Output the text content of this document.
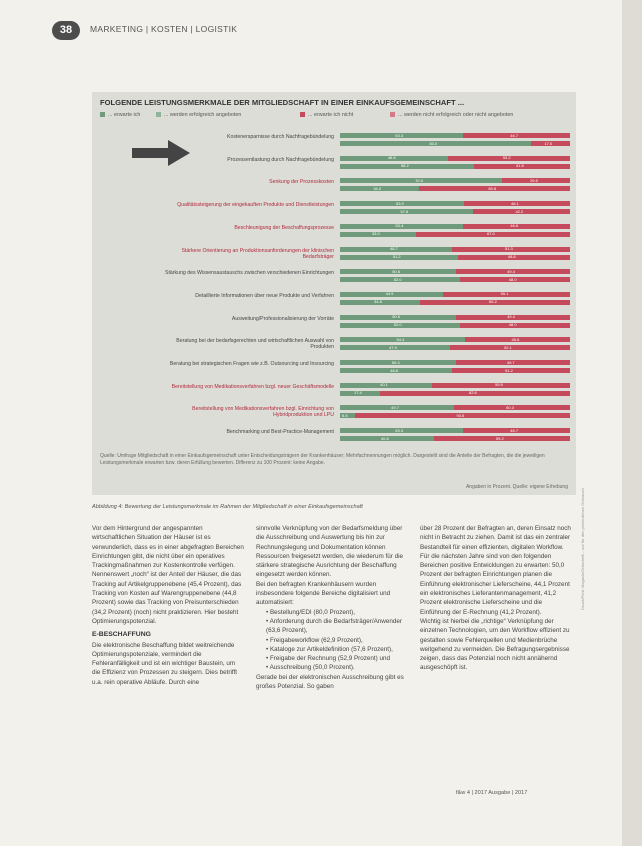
38	MARKETING | KOSTEN | LOGISTIK
FOLGENDE LEISTUNGSMERKMALE DER MITGLIEDSCHAFT IN EINER EINKAUFSGEMEINSCHAFT ...
... erwarte ich	... werden erfolgreich angeboten	... erwarte ich nicht	... werden nicht erfolgreich oder nicht angeboten
Kostenersparnisse durch Nachfragebündelung	53.3	46.7
83.0	17.0
Prozessentlastung durch Nachfragebündelung	46.8	53.2
58.2	41.8
Senkung der Prozesskosten	70.5	29.5
34.2	65.8
Qualitätssteigerung der eingekauften Produkte und Dienstleistungen	53.9	46.1
57.8	42.2
Beschleunigung der Beschaffungsprozesse	53.4	46.6
33.0	67.0
Stärkere Orientierung an Produktionsanforderungen der klinischen Bedarfsträger
48.7	51.3
51.2	48.8
Stärkung des Wissensaustauschs zwischen verschiedenen Einrichtungen	50.6	49.4
52.0	48.0
Detaillierte Informationen über neue Produkte und Verfahren	44.9	55.1
34.8	65.2
Ausweitung/Professionalisierung der Vorräte	50.6	49.4
52.0	48.0
Beratung bei der bedarfsgerechten und wirtschaftlichen Auswahl von Produkten
54.4	45.6
47.9	52.1
Beratung bei strategischen Fragen wie z.B. Outsourcing und Insourcing	50.3	49.7
48.8	51.2
Bereitstellung von Medikationsverfahren bzgl. neuer Geschäftsmodelle	40.1	59.9
17.4	82.6
Bereitstellung von Medikationsverfahren bzgl. Einrichtung von Hybridproduktion und LPU
49.7	50.3
6.5	93.5
Benchmarking und Best-Practice-Management	53.3	46.7
40.8	59.2
Quelle: Umfrage Mitgliedschaft in einer Einkaufsgemeinschaft unter Entscheidungsträgern der Krankenhäuser; Mehrfachnennungen möglich. Dargestellt sind die Anteile der Befragten, die die jeweiligen Leistungsmerkmale erwarten bzw. deren Erfüllung bewerten. Differenz zu 100 Prozent: keine Angabe.
Angaben in Prozent. Quelle: eigene Erhebung
Abbildung 4: Bewertung der Leistungsmerkmale im Rahmen der Mitgliedschaft in einer Einkaufsgemeinschaft

Vor dem Hintergrund der angespannten wirtschaftlichen Situation der Häuser ist es verwunderlich, dass es in einer abgefragten Bereichen Einrichtungen gibt, die nicht über ein operatives Trackingmaßnahmen zur Kostenkontrolle verfügen. Nennenswert „noch“ ist der Anteil der Häuser, die das Tracking auf Artikelgruppenebene (45,4 Prozent), das Tracking von Kosten auf Warengruppenebene (44,8 Prozent) sowie das Tracking von Preisunterschieden (34,2 Prozent) (noch) nicht praktizieren. Hier besteht Optimierungspotenzial.

E-BESCHAFFUNG

Die elektronische Beschaffung bildet weitreichende Optimierungspotenziale, vermindert die Fehleranfälligkeit und ist ein wichtiger Baustein, um die Effizienz von Prozessen zu steigern. Dies betrifft u.a. rein operative Abläufe. Durch eine

sinnvolle Verknüpfung von der Bedarfsmeldung über die Ausschreibung und Auswertung bis hin zur Rechnungslegung und Dokumentation können Ressourcen freigesetzt werden, die wiederum für die stärkere strategische Ausrichtung der Beschaffung eingesetzt werden können.

Bei den befragten Krankenhäusern wurden insbesondere folgende Bereiche digitalisiert und automatisiert:

• Bestellung/EDI (80,0 Prozent),
• Anforderung durch die Bedarfsträger/Anwender (63,6 Prozent),
• Freigabeworkflow (62,9 Prozent),
• Kataloge zur Artikeldefinition (57,6 Prozent),
• Freigabe der Rechnung (52,9 Prozent) und
• Ausschreibung (50,0 Prozent).

Gerade bei der elektronischen Ausschreibung gibt es großes Potenzial. So gaben

über 28 Prozent der Befragten an, deren Einsatz noch nicht in Betracht zu ziehen. Damit ist das ein zentraler Bestandteil für einen effizienten, digitalen Workflow.

Für die nächsten Jahre sind von den folgenden Bereichen positive Entwicklungen zu erwarten: 50,0 Prozent der befragten Einrichtungen planen die Einführung elektronischer Lieferscheine, 44,1 Prozent ein elektronisches Lieferantenmanagement, 41,2 Prozent elektronische Lieferscheine und die Einführung der E-Rechnung (41,2 Prozent).

Wichtig ist hierbei die „richtige“ Verknüpfung der einzelnen Technologien, um den Workflow effizient zu gestalten sowie Fehlerquellen und Medienbrüche weitgehend zu vermeiden. Die Befragungsergebnisse zeigen, dass das Potenzial noch nicht annähernd ausgeschöpft ist.

f&w 4 | 2017 Ausgabe | 2017
Druck/Print: Magazin/Zeitschrift – nur für den persönlichen Gebrauch
